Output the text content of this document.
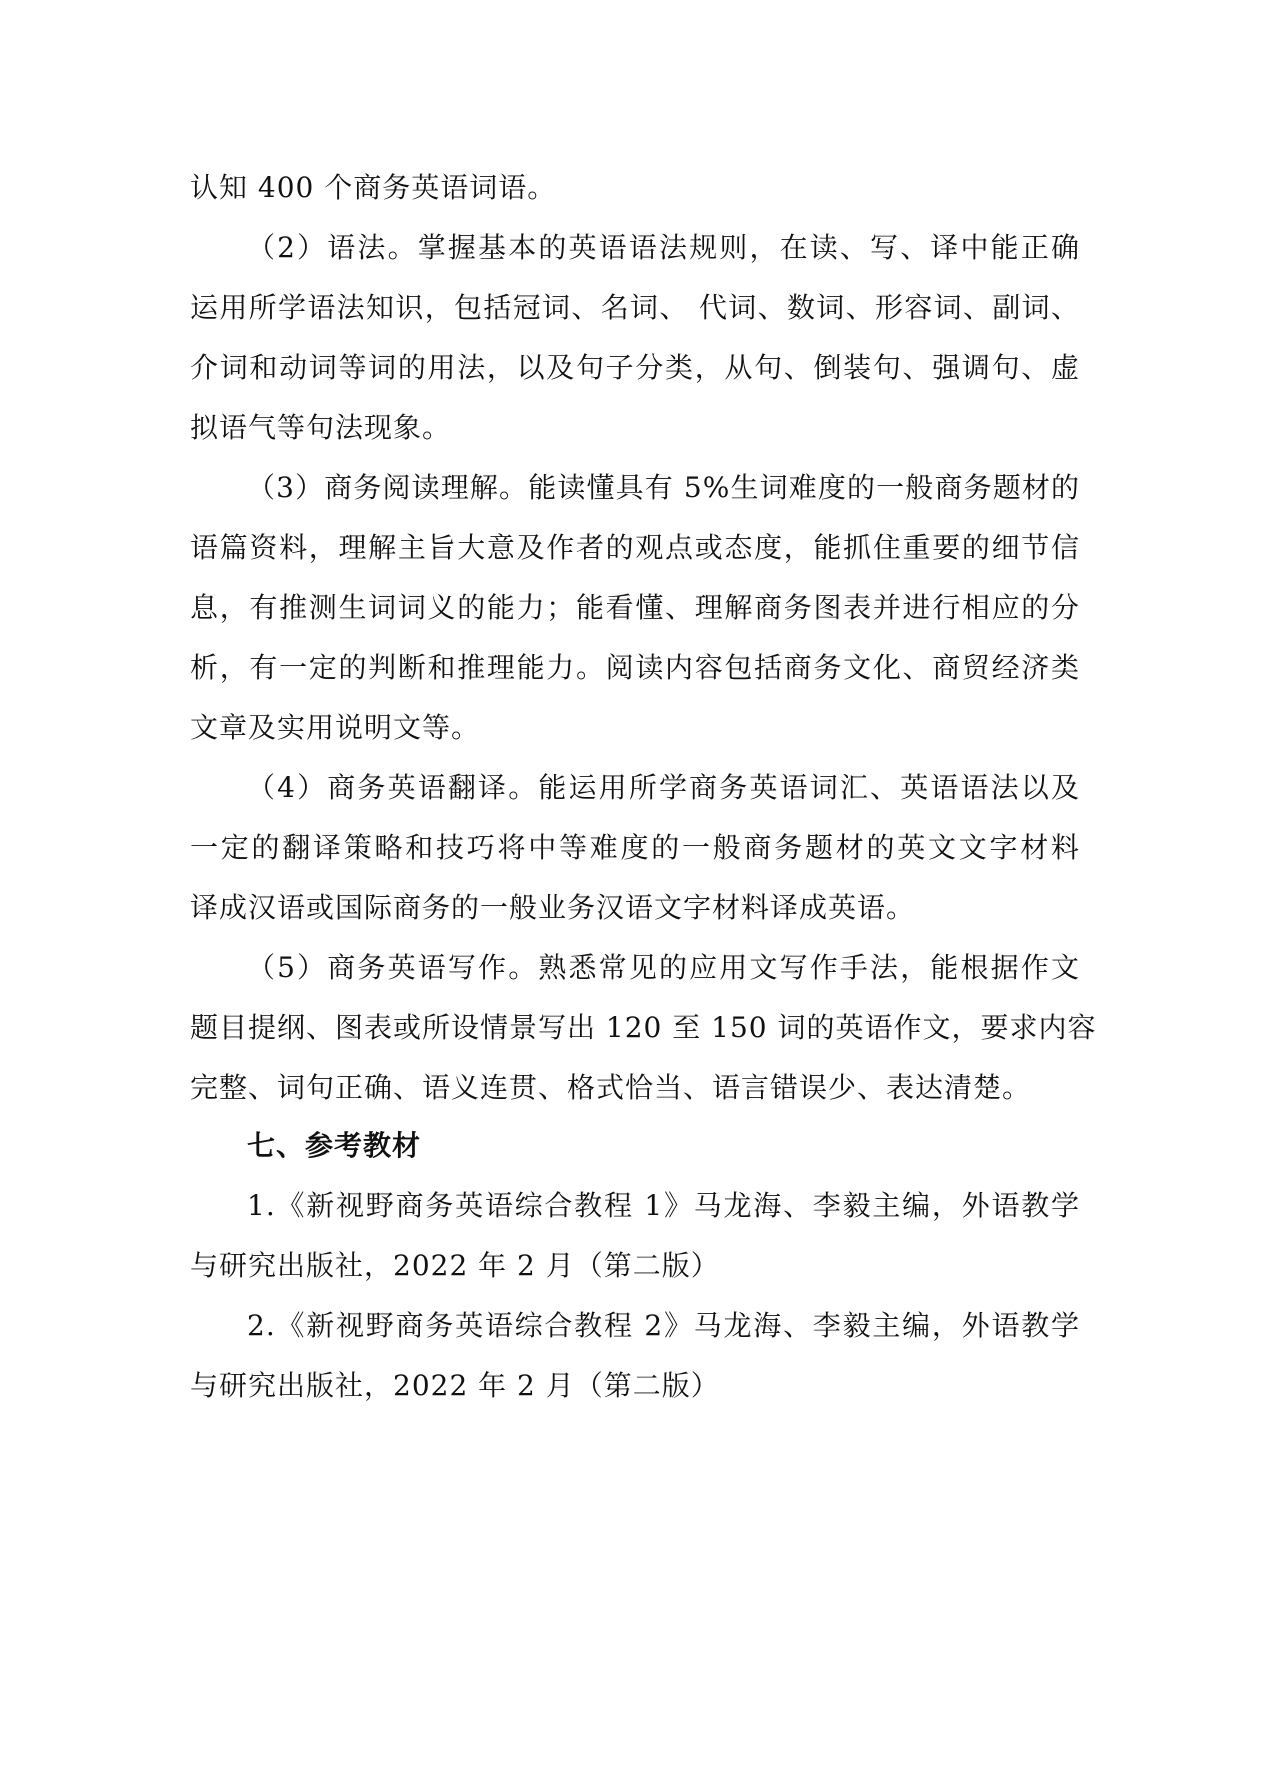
认知 400 个商务英语词语。
（2）语法。掌握基本的英语语法规则，在读、写、译中能正确
运用所学语法知识，包括冠词、名词、 代词、数词、形容词、副词、
介词和动词等词的用法，以及句子分类，从句、倒装句、强调句、虚
拟语气等句法现象。
（3）商务阅读理解。能读懂具有 5%生词难度的一般商务题材的
语篇资料，理解主旨大意及作者的观点或态度，能抓住重要的细节信
息，有推测生词词义的能力；能看懂、理解商务图表并进行相应的分
析，有一定的判断和推理能力。阅读内容包括商务文化、商贸经济类
文章及实用说明文等。
（4）商务英语翻译。能运用所学商务英语词汇、英语语法以及
一定的翻译策略和技巧将中等难度的一般商务题材的英文文字材料
译成汉语或国际商务的一般业务汉语文字材料译成英语。
（5）商务英语写作。熟悉常见的应用文写作手法，能根据作文
题目提纲、图表或所设情景写出 120 至 150 词的英语作文，要求内容
完整、词句正确、语义连贯、格式恰当、语言错误少、表达清楚。
七、参考教材
1.《新视野商务英语综合教程 1》马龙海、李毅主编，外语教学
与研究出版社，2022 年 2 月（第二版）
2.《新视野商务英语综合教程 2》马龙海、李毅主编，外语教学
与研究出版社，2022 年 2 月（第二版）
